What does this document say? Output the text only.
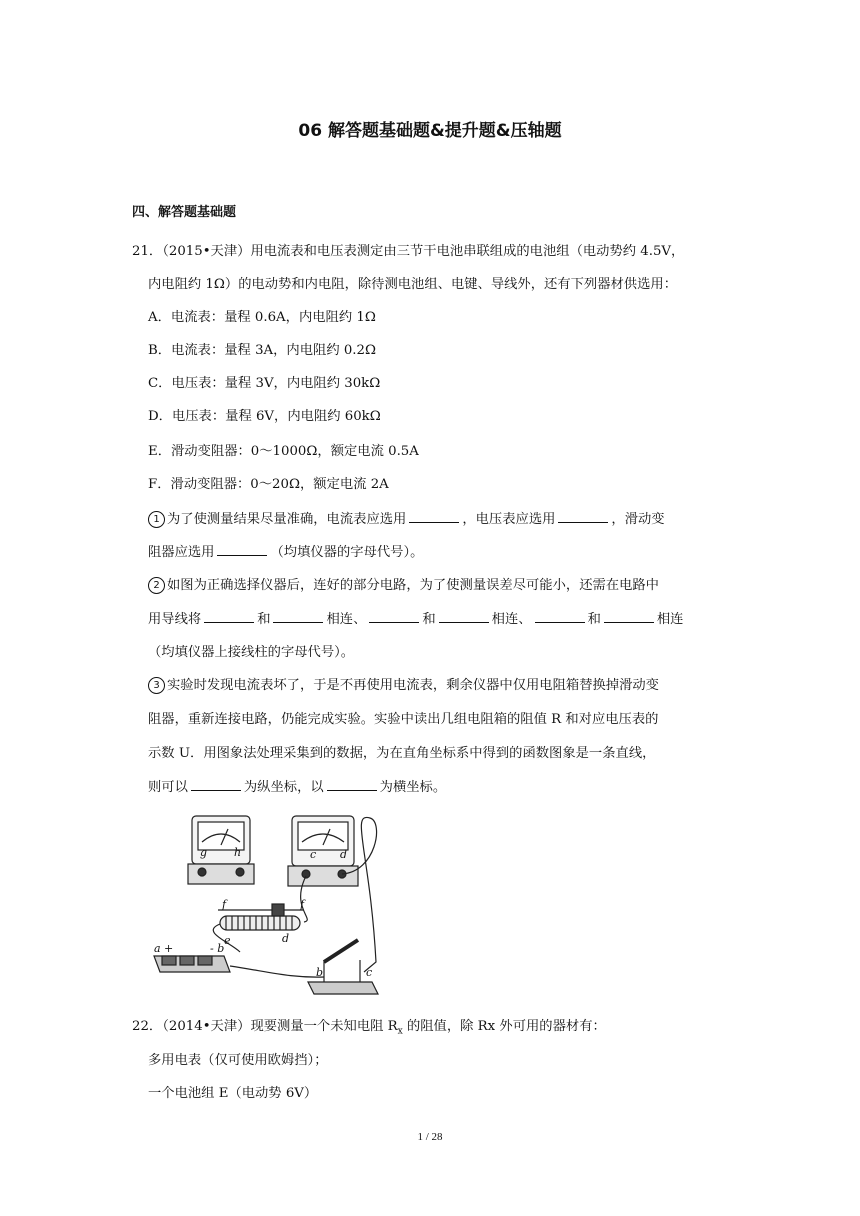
06 解答题基础题&提升题&压轴题
四、解答题基础题
21．（2015•天津）用电流表和电压表测定由三节干电池串联组成的电池组（电动势约 4.5V，
内电阻约 1Ω）的电动势和内电阻，除待测电池组、电键、导线外，还有下列器材供选用：
A．电流表：量程 0.6A，内电阻约 1Ω
B．电流表：量程 3A，内电阻约 0.2Ω
C．电压表：量程 3V，内电阻约 30kΩ
D．电压表：量程 6V，内电阻约 60kΩ
E．滑动变阻器：0～1000Ω，额定电流 0.5A
F．滑动变阻器：0～20Ω，额定电流 2A
1 为了使测量结果尽量准确，电流表应选用	，电压表应选用	，滑动变
阻器应选用	（均填仪器的字母代号）。
2 如图为正确选择仪器后，连好的部分电路，为了使测量误差尽可能小，还需在电路中
用导线将	和	相连、	和	相连、	和	相连
（均填仪器上接线柱的字母代号）。
3 实验时发现电流表坏了，于是不再使用电流表，剩余仪器中仅用电阻箱替换掉滑动变
阻器，重新连接电路，仍能完成实验。实验中读出几组电阻箱的阻值 R 和对应电压表的
示数 U．用图象法处理采集到的数据，为在直角坐标系中得到的函数图象是一条直线，
则可以	为纵坐标，以	为横坐标。
g h	c d
f	f
e	d
a +	- b
b	c
22．（2014•天津）现要测量一个未知电阻 $R_x$ 的阻值，除 Rx 外可用的器材有：
多用电表（仅可使用欧姆挡）；
一个电池组 E（电动势 6V）
1 / 28
